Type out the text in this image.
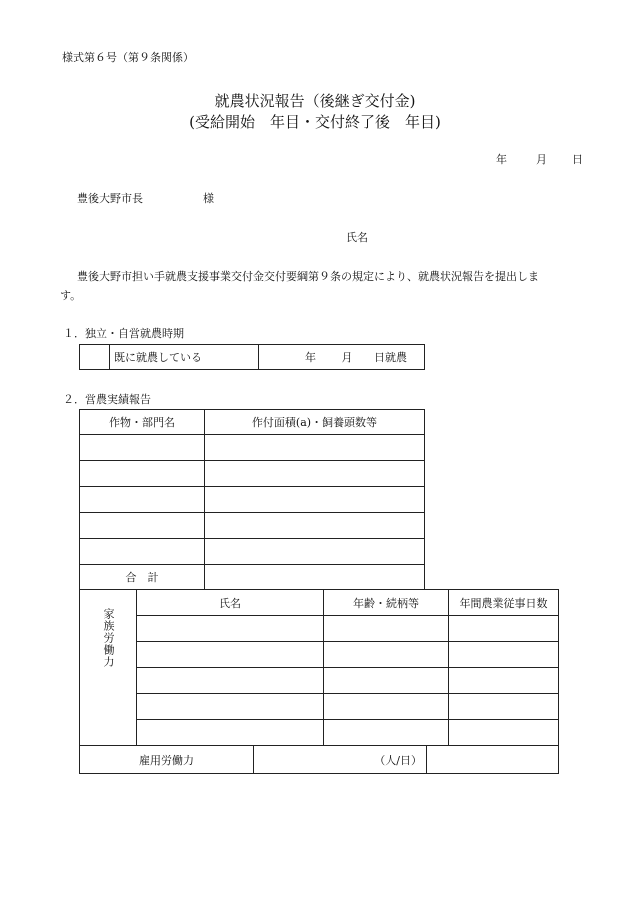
様式第６号（第９条関係）
就農状況報告（後継ぎ交付金)
(受給開始　年目・交付終了後　年目)
年	月 日
豊後大野市長	様
氏名
豊後大野市担い手就農支援事業交付金交付要綱第９条の規定により、就農状況報告を提出しま
す。
１．独立・自営就農時期
	既に就農している	年 月 日就農
２．営農実績報告
作物・部門名	作付面積(a)・飼養頭数等

合　計	
家族労働力	氏名	年齢・続柄等	年間農業従事日数

雇用労働力	（人/日）	
